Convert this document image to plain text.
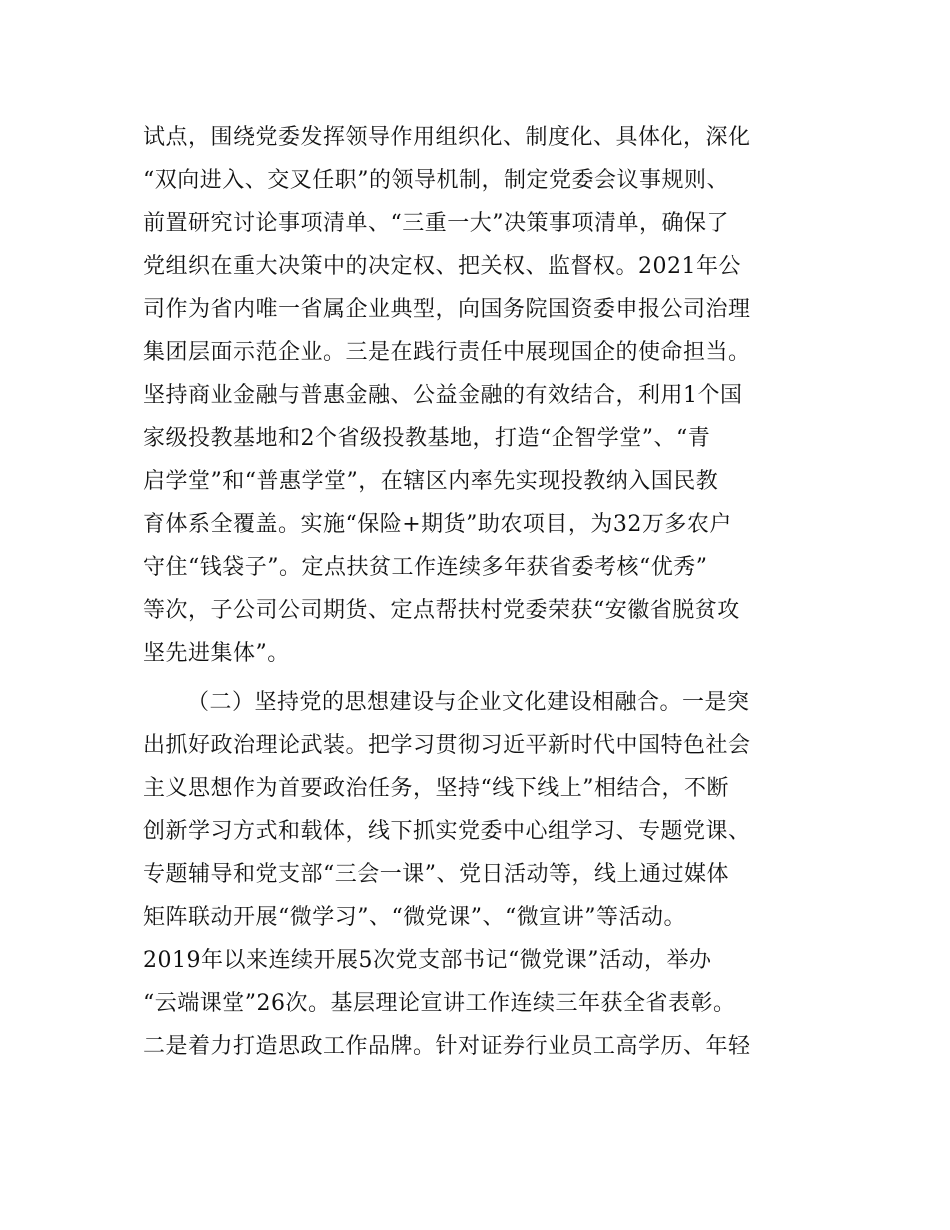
试点，围绕党委发挥领导作用组织化、制度化、具体化，深化
“双向进入、交叉任职”的领导机制，制定党委会议事规则、
前置研究讨论事项清单、“三重一大”决策事项清单，确保了
党组织在重大决策中的决定权、把关权、监督权。2021年公
司作为省内唯一省属企业典型，向国务院国资委申报公司治理
集团层面示范企业。三是在践行责任中展现国企的使命担当。
坚持商业金融与普惠金融、公益金融的有效结合，利用1个国
家级投教基地和2个省级投教基地，打造“企智学堂”、“青
启学堂”和“普惠学堂”，在辖区内率先实现投教纳入国民教
育体系全覆盖。实施“保险+期货”助农项目，为32万多农户
守住“钱袋子”。定点扶贫工作连续多年获省委考核“优秀”
等次，子公司公司期货、定点帮扶村党委荣获“安徽省脱贫攻
坚先进集体”。
（二）坚持党的思想建设与企业文化建设相融合。一是突
出抓好政治理论武装。把学习贯彻习近平新时代中国特色社会
主义思想作为首要政治任务，坚持“线下线上”相结合，不断
创新学习方式和载体，线下抓实党委中心组学习、专题党课、
专题辅导和党支部“三会一课”、党日活动等，线上通过媒体
矩阵联动开展“微学习”、“微党课”、“微宣讲”等活动。
2019年以来连续开展5次党支部书记“微党课”活动，举办
“云端课堂”26次。基层理论宣讲工作连续三年获全省表彰。
二是着力打造思政工作品牌。针对证券行业员工高学历、年轻
